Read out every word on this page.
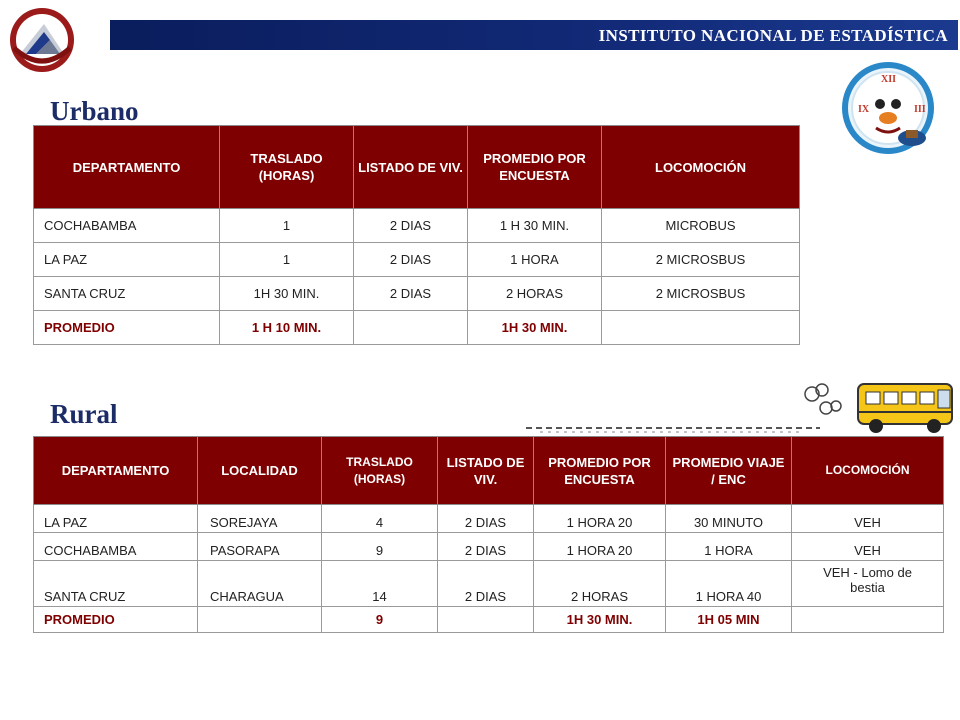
INSTITUTO NACIONAL DE ESTADÍSTICA
XII
III
IX
Urbano
DEPARTAMENTO	TRASLADO (HORAS)	LISTADO DE VIV.	PROMEDIO POR ENCUESTA	LOCOMOCIÓN
COCHABAMBA	1	2 DIAS	1 H 30 MIN.	MICROBUS
LA PAZ	1	2 DIAS	1 HORA	2 MICROSBUS
SANTA CRUZ	1H 30 MIN.	2 DIAS	2 HORAS	2 MICROSBUS
PROMEDIO	1 H 10 MIN.		1H 30 MIN.	
Rural
DEPARTAMENTO	LOCALIDAD	TRASLADO (HORAS)	LISTADO DE VIV.	PROMEDIO POR ENCUESTA	PROMEDIO VIAJE / ENC	LOCOMOCIÓN
LA PAZ	SOREJAYA	4	2 DIAS	1 HORA 20	30 MINUTO	VEH
COCHABAMBA	PASORAPA	9	2 DIAS	1 HORA 20	1 HORA	VEH
SANTA CRUZ	CHARAGUA	14	2 DIAS	2 HORAS	1 HORA 40	VEH - Lomo de bestia
PROMEDIO		9		1H 30 MIN.	1H 05 MIN	
